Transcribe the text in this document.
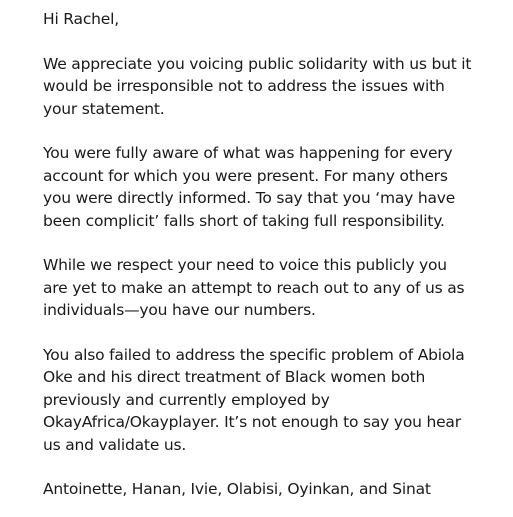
Hi Rachel,

We appreciate you voicing public solidarity with us but it
would be irresponsible not to address the issues with
your statement.

You were fully aware of what was happening for every
account for which you were present. For many others
you were directly informed. To say that you ‘may have
been complicit’ falls short of taking full responsibility.

While we respect your need to voice this publicly you
are yet to make an attempt to reach out to any of us as
individuals—you have our numbers.

You also failed to address the specific problem of Abiola
Oke and his direct treatment of Black women both
previously and currently employed by
OkayAfrica/Okayplayer. It’s not enough to say you hear
us and validate us.

Antoinette, Hanan, Ivie, Olabisi, Oyinkan, and Sinat
